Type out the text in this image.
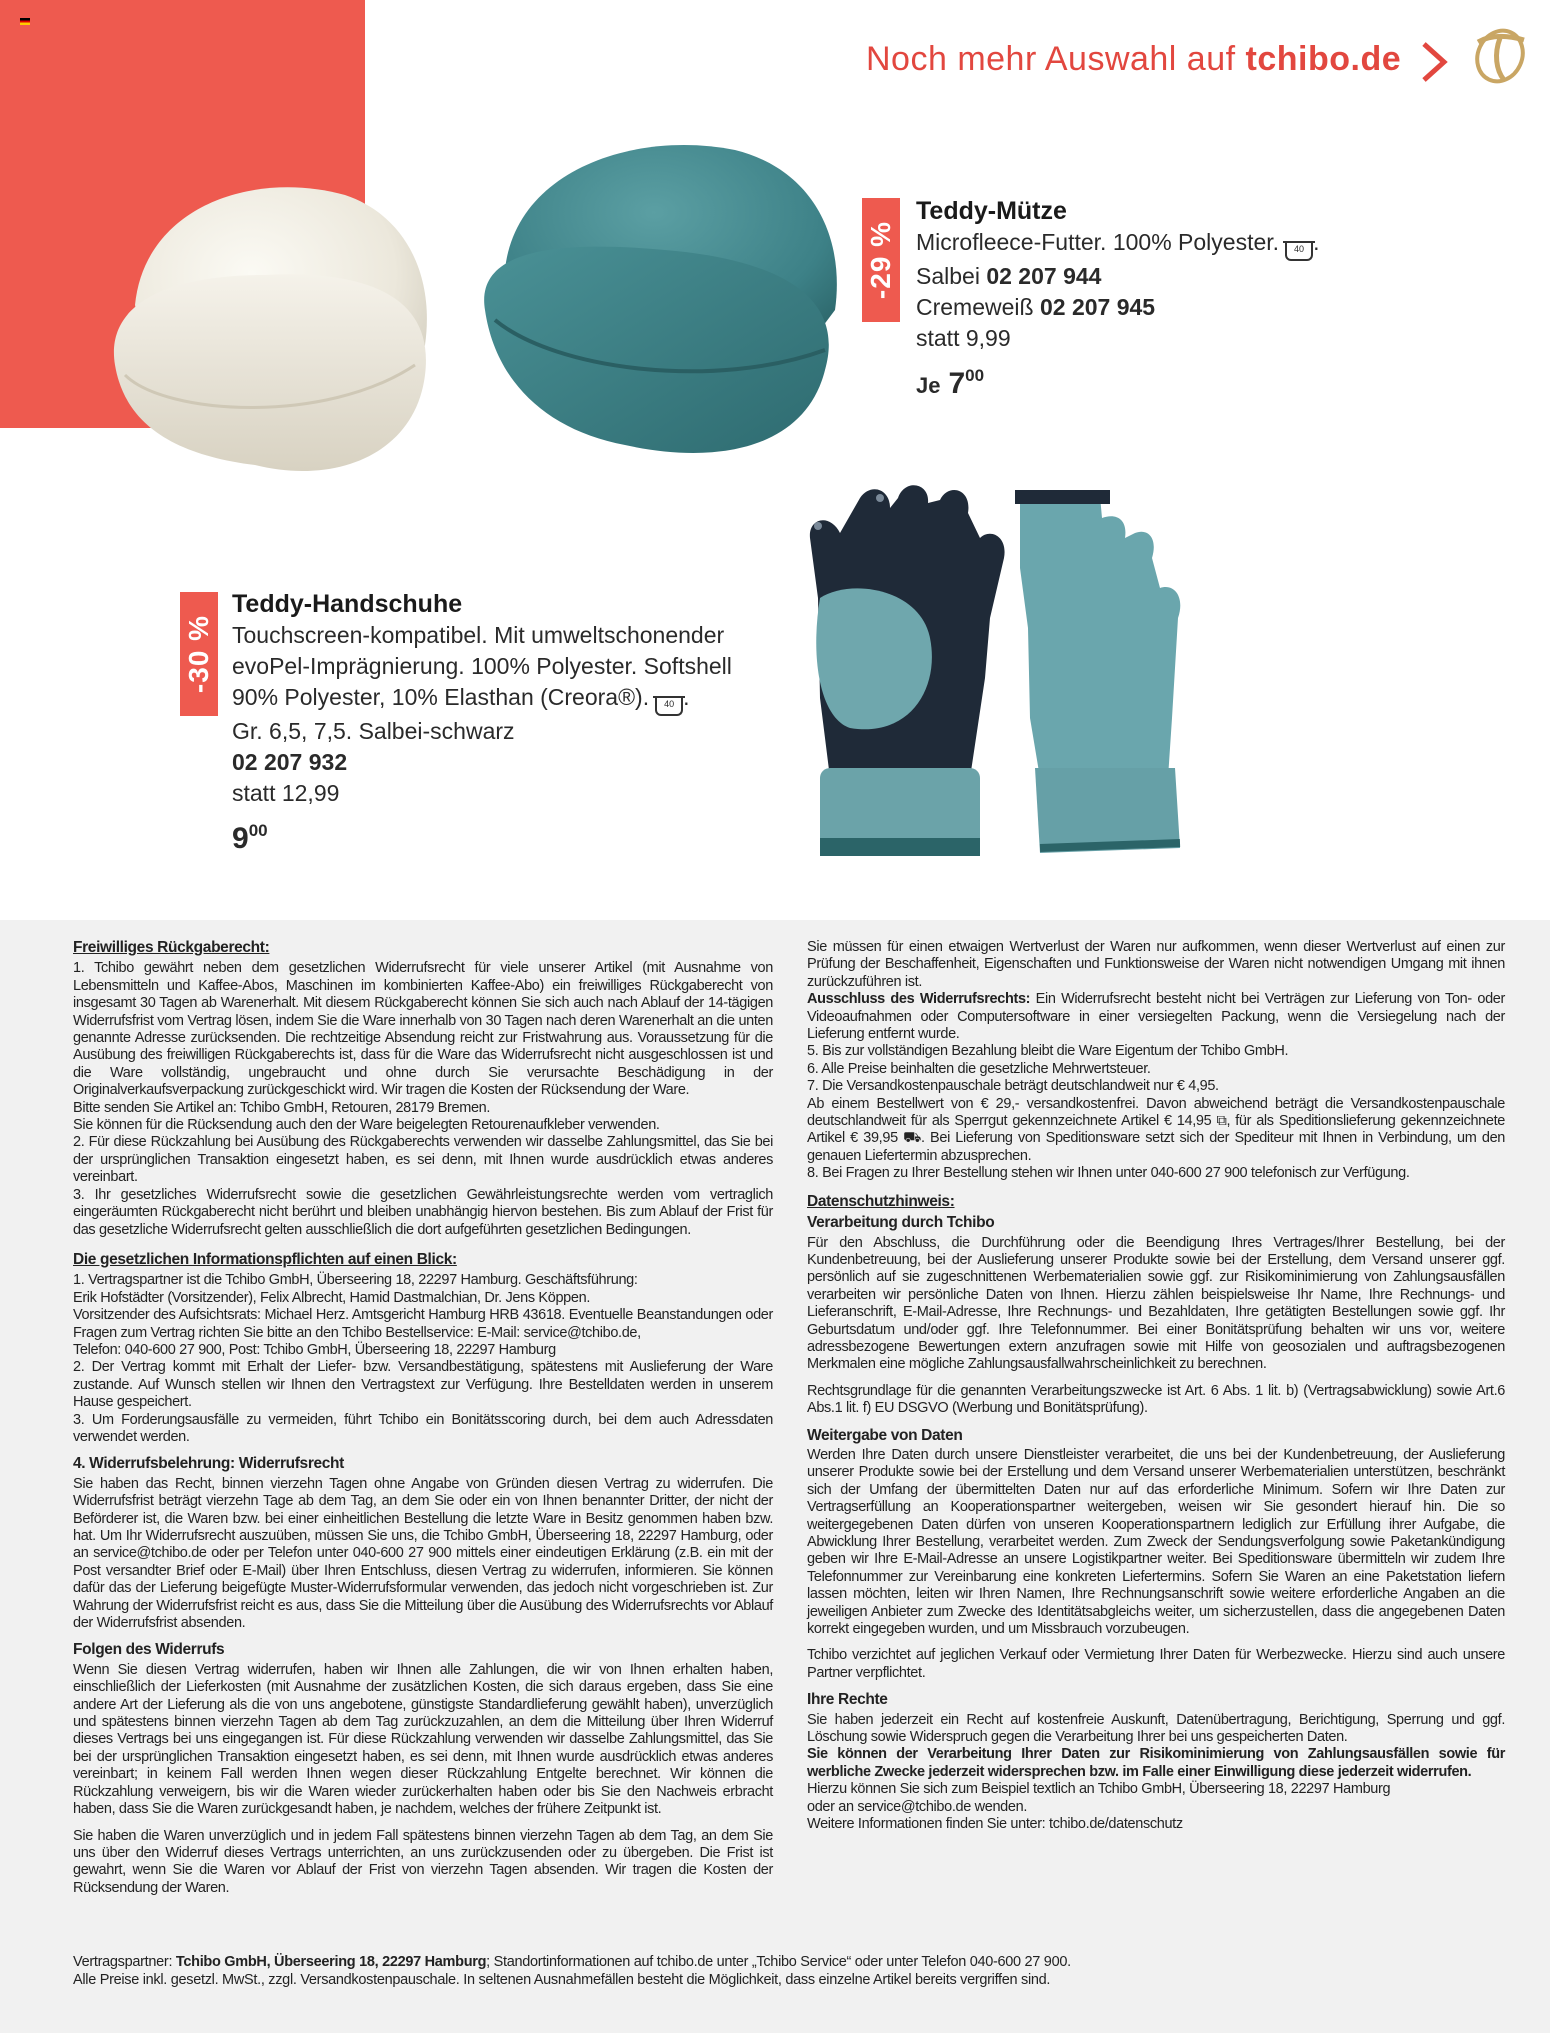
Noch mehr Auswahl auf tchibo.de
-29 %
Teddy-Mütze
Microfleece-Futter. 100% Polyester. 40 .
Salbei 02 207 944
Cremeweiß 02 207 945
statt 9,99
Je $7^{00}$
-30 %
Teddy-Handschuhe
Touchscreen-kompatibel. Mit umweltschonender
evoPel-Imprägnierung. 100% Polyester. Softshell
90% Polyester, 10% Elasthan (Creora®). 40 .
Gr. 6,5, 7,5. Salbei-schwarz
02 207 932
statt 12,99
$9^{00}$
Freiwilliges Rückgaberecht:

1. Tchibo gewährt neben dem gesetzlichen Widerrufsrecht für viele unserer Artikel (mit Ausnahme von Lebensmitteln und Kaffee-Abos, Maschinen im kombinierten Kaffee-Abo) ein freiwilliges Rückgaberecht von insgesamt 30 Tagen ab Warenerhalt. Mit diesem Rückgaberecht können Sie sich auch nach Ablauf der 14-tägigen Widerrufsfrist vom Vertrag lösen, indem Sie die Ware innerhalb von 30 Tagen nach deren Warenerhalt an die unten genannte Adresse zurücksenden. Die rechtzeitige Absendung reicht zur Fristwahrung aus. Voraussetzung für die Ausübung des freiwilligen Rückgaberechts ist, dass für die Ware das Widerrufsrecht nicht ausgeschlossen ist und die Ware vollständig, ungebraucht und ohne durch Sie verursachte Beschädigung in der Originalverkaufsverpackung zurückgeschickt wird. Wir tragen die Kosten der Rücksendung der Ware.

Bitte senden Sie Artikel an: Tchibo GmbH, Retouren, 28179 Bremen.

Sie können für die Rücksendung auch den der Ware beigelegten Retourenaufkleber verwenden.

2. Für diese Rückzahlung bei Ausübung des Rückgaberechts verwenden wir dasselbe Zahlungsmittel, das Sie bei der ursprünglichen Transaktion eingesetzt haben, es sei denn, mit Ihnen wurde ausdrücklich etwas anderes vereinbart.

3. Ihr gesetzliches Widerrufsrecht sowie die gesetzlichen Gewährleistungsrechte werden vom vertraglich eingeräumten Rückgaberecht nicht berührt und bleiben unabhängig hiervon bestehen. Bis zum Ablauf der Frist für das gesetzliche Widerrufsrecht gelten ausschließlich die dort aufgeführten gesetzlichen Bedingungen.

Die gesetzlichen Informationspflichten auf einen Blick:

1. Vertragspartner ist die Tchibo GmbH, Überseering 18, 22297 Hamburg. Geschäftsführung:

Erik Hofstädter (Vorsitzender), Felix Albrecht, Hamid Dastmalchian, Dr. Jens Köppen.

Vorsitzender des Aufsichtsrats: Michael Herz. Amtsgericht Hamburg HRB 43618. Eventuelle Beanstandungen oder Fragen zum Vertrag richten Sie bitte an den Tchibo Bestellservice: E-Mail: service@tchibo.de,

Telefon: 040-600 27 900, Post: Tchibo GmbH, Überseering 18, 22297 Hamburg

2. Der Vertrag kommt mit Erhalt der Liefer- bzw. Versandbestätigung, spätestens mit Auslieferung der Ware zustande. Auf Wunsch stellen wir Ihnen den Vertragstext zur Verfügung. Ihre Bestelldaten werden in unserem Hause gespeichert.

3. Um Forderungsausfälle zu vermeiden, führt Tchibo ein Bonitätsscoring durch, bei dem auch Adressdaten verwendet werden.

4. Widerrufsbelehrung: Widerrufsrecht

Sie haben das Recht, binnen vierzehn Tagen ohne Angabe von Gründen diesen Vertrag zu widerrufen. Die Widerrufsfrist beträgt vierzehn Tage ab dem Tag, an dem Sie oder ein von Ihnen benannter Dritter, der nicht der Beförderer ist, die Waren bzw. bei einer einheitlichen Bestellung die letzte Ware in Besitz genommen haben bzw. hat. Um Ihr Widerrufsrecht auszuüben, müssen Sie uns, die Tchibo GmbH, Überseering 18, 22297 Hamburg, oder an service@tchibo.de oder per Telefon unter 040-600 27 900 mittels einer eindeutigen Erklärung (z.B. ein mit der Post versandter Brief oder E-Mail) über Ihren Entschluss, diesen Vertrag zu widerrufen, informieren. Sie können dafür das der Lieferung beigefügte Muster-Widerrufsformular verwenden, das jedoch nicht vorgeschrieben ist. Zur Wahrung der Widerrufsfrist reicht es aus, dass Sie die Mitteilung über die Ausübung des Widerrufsrechts vor Ablauf der Widerrufsfrist absenden.

Folgen des Widerrufs

Wenn Sie diesen Vertrag widerrufen, haben wir Ihnen alle Zahlungen, die wir von Ihnen erhalten haben, einschließlich der Lieferkosten (mit Ausnahme der zusätzlichen Kosten, die sich daraus ergeben, dass Sie eine andere Art der Lieferung als die von uns angebotene, günstigste Standardlieferung gewählt haben), unverzüglich und spätestens binnen vierzehn Tagen ab dem Tag zurückzuzahlen, an dem die Mitteilung über Ihren Widerruf dieses Vertrags bei uns eingegangen ist. Für diese Rückzahlung verwenden wir dasselbe Zahlungsmittel, das Sie bei der ursprünglichen Transaktion eingesetzt haben, es sei denn, mit Ihnen wurde ausdrücklich etwas anderes vereinbart; in keinem Fall werden Ihnen wegen dieser Rückzahlung Entgelte berechnet. Wir können die Rückzahlung verweigern, bis wir die Waren wieder zurückerhalten haben oder bis Sie den Nachweis erbracht haben, dass Sie die Waren zurückgesandt haben, je nachdem, welches der frühere Zeitpunkt ist.

Sie haben die Waren unverzüglich und in jedem Fall spätestens binnen vierzehn Tagen ab dem Tag, an dem Sie uns über den Widerruf dieses Vertrags unterrichten, an uns zurückzusenden oder zu übergeben. Die Frist ist gewahrt, wenn Sie die Waren vor Ablauf der Frist von vierzehn Tagen absenden. Wir tragen die Kosten der Rücksendung der Waren.

Sie müssen für einen etwaigen Wertverlust der Waren nur aufkommen, wenn dieser Wertverlust auf einen zur Prüfung der Beschaffenheit, Eigenschaften und Funktionsweise der Waren nicht notwendigen Umgang mit ihnen zurückzuführen ist.

Ausschluss des Widerrufsrechts: Ein Widerrufsrecht besteht nicht bei Verträgen zur Lieferung von Ton- oder Videoaufnahmen oder Computersoftware in einer versiegelten Packung, wenn die Versiegelung nach der Lieferung entfernt wurde.

5. Bis zur vollständigen Bezahlung bleibt die Ware Eigentum der Tchibo GmbH.

6. Alle Preise beinhalten die gesetzliche Mehrwertsteuer.

7. Die Versandkostenpauschale beträgt deutschlandweit nur € 4,95.

Ab einem Bestellwert von € 29,- versandkostenfrei. Davon abweichend beträgt die Versandkostenpauschale deutschlandweit für als Sperrgut gekennzeichnete Artikel € 14,95 ⧉, für als Speditionslieferung gekennzeichnete Artikel € 39,95 ⛟. Bei Lieferung von Speditionsware setzt sich der Spediteur mit Ihnen in Verbindung, um den genauen Liefertermin abzusprechen.

8. Bei Fragen zu Ihrer Bestellung stehen wir Ihnen unter 040-600 27 900 telefonisch zur Verfügung.

Datenschutzhinweis:
Verarbeitung durch Tchibo

Für den Abschluss, die Durchführung oder die Beendigung Ihres Vertrages/Ihrer Bestellung, bei der Kundenbetreuung, bei der Auslieferung unserer Produkte sowie bei der Erstellung, dem Versand unserer ggf. persönlich auf sie zugeschnittenen Werbematerialien sowie ggf. zur Risikominimierung von Zahlungsausfällen verarbeiten wir persönliche Daten von Ihnen. Hierzu zählen beispielsweise Ihr Name, Ihre Rechnungs- und Lieferanschrift, E-Mail-Adresse, Ihre Rechnungs- und Bezahldaten, Ihre getätigten Bestellungen sowie ggf. Ihr Geburtsdatum und/oder ggf. Ihre Telefonnummer. Bei einer Bonitätsprüfung behalten wir uns vor, weitere adressbezogene Bewertungen extern anzufragen sowie mit Hilfe von geosozialen und auftragsbezogenen Merkmalen eine mögliche Zahlungsausfallwahrscheinlichkeit zu berechnen.

Rechtsgrundlage für die genannten Verarbeitungszwecke ist Art. 6 Abs. 1 lit. b) (Vertragsabwicklung) sowie Art.6 Abs.1 lit. f) EU DSGVO (Werbung und Bonitätsprüfung).

Weitergabe von Daten

Werden Ihre Daten durch unsere Dienstleister verarbeitet, die uns bei der Kundenbetreuung, der Auslieferung unserer Produkte sowie bei der Erstellung und dem Versand unserer Werbematerialien unterstützen, beschränkt sich der Umfang der übermittelten Daten nur auf das erforderliche Minimum. Sofern wir Ihre Daten zur Vertragserfüllung an Kooperationspartner weitergeben, weisen wir Sie gesondert hierauf hin. Die so weitergegebenen Daten dürfen von unseren Kooperationspartnern lediglich zur Erfüllung ihrer Aufgabe, die Abwicklung Ihrer Bestellung, verarbeitet werden. Zum Zweck der Sendungsverfolgung sowie Paketankündigung geben wir Ihre E-Mail-Adresse an unsere Logistikpartner weiter. Bei Speditionsware übermitteln wir zudem Ihre Telefonnummer zur Vereinbarung eine konkreten Liefertermins. Sofern Sie Waren an eine Paketstation liefern lassen möchten, leiten wir Ihren Namen, Ihre Rechnungsanschrift sowie weitere erforderliche Angaben an die jeweiligen Anbieter zum Zwecke des Identitätsabgleichs weiter, um sicherzustellen, dass die angegebenen Daten korrekt eingegeben wurden, und um Missbrauch vorzubeugen.

Tchibo verzichtet auf jeglichen Verkauf oder Vermietung Ihrer Daten für Werbezwecke. Hierzu sind auch unsere Partner verpflichtet.

Ihre Rechte

Sie haben jederzeit ein Recht auf kostenfreie Auskunft, Datenübertragung, Berichtigung, Sperrung und ggf. Löschung sowie Widerspruch gegen die Verarbeitung Ihrer bei uns gespeicherten Daten.

Sie können der Verarbeitung Ihrer Daten zur Risikominimierung von Zahlungsausfällen sowie für werbliche Zwecke jederzeit widersprechen bzw. im Falle einer Einwilligung diese jederzeit widerrufen.

Hierzu können Sie sich zum Beispiel textlich an Tchibo GmbH, Überseering 18, 22297 Hamburg

oder an service@tchibo.de wenden.

Weitere Informationen finden Sie unter: tchibo.de/datenschutz

Vertragspartner: Tchibo GmbH, Überseering 18, 22297 Hamburg; Standortinformationen auf tchibo.de unter „Tchibo Service“ oder unter Telefon 040-600 27 900.
Alle Preise inkl. gesetzl. MwSt., zzgl. Versandkostenpauschale. In seltenen Ausnahmefällen besteht die Möglichkeit, dass einzelne Artikel bereits vergriffen sind.
